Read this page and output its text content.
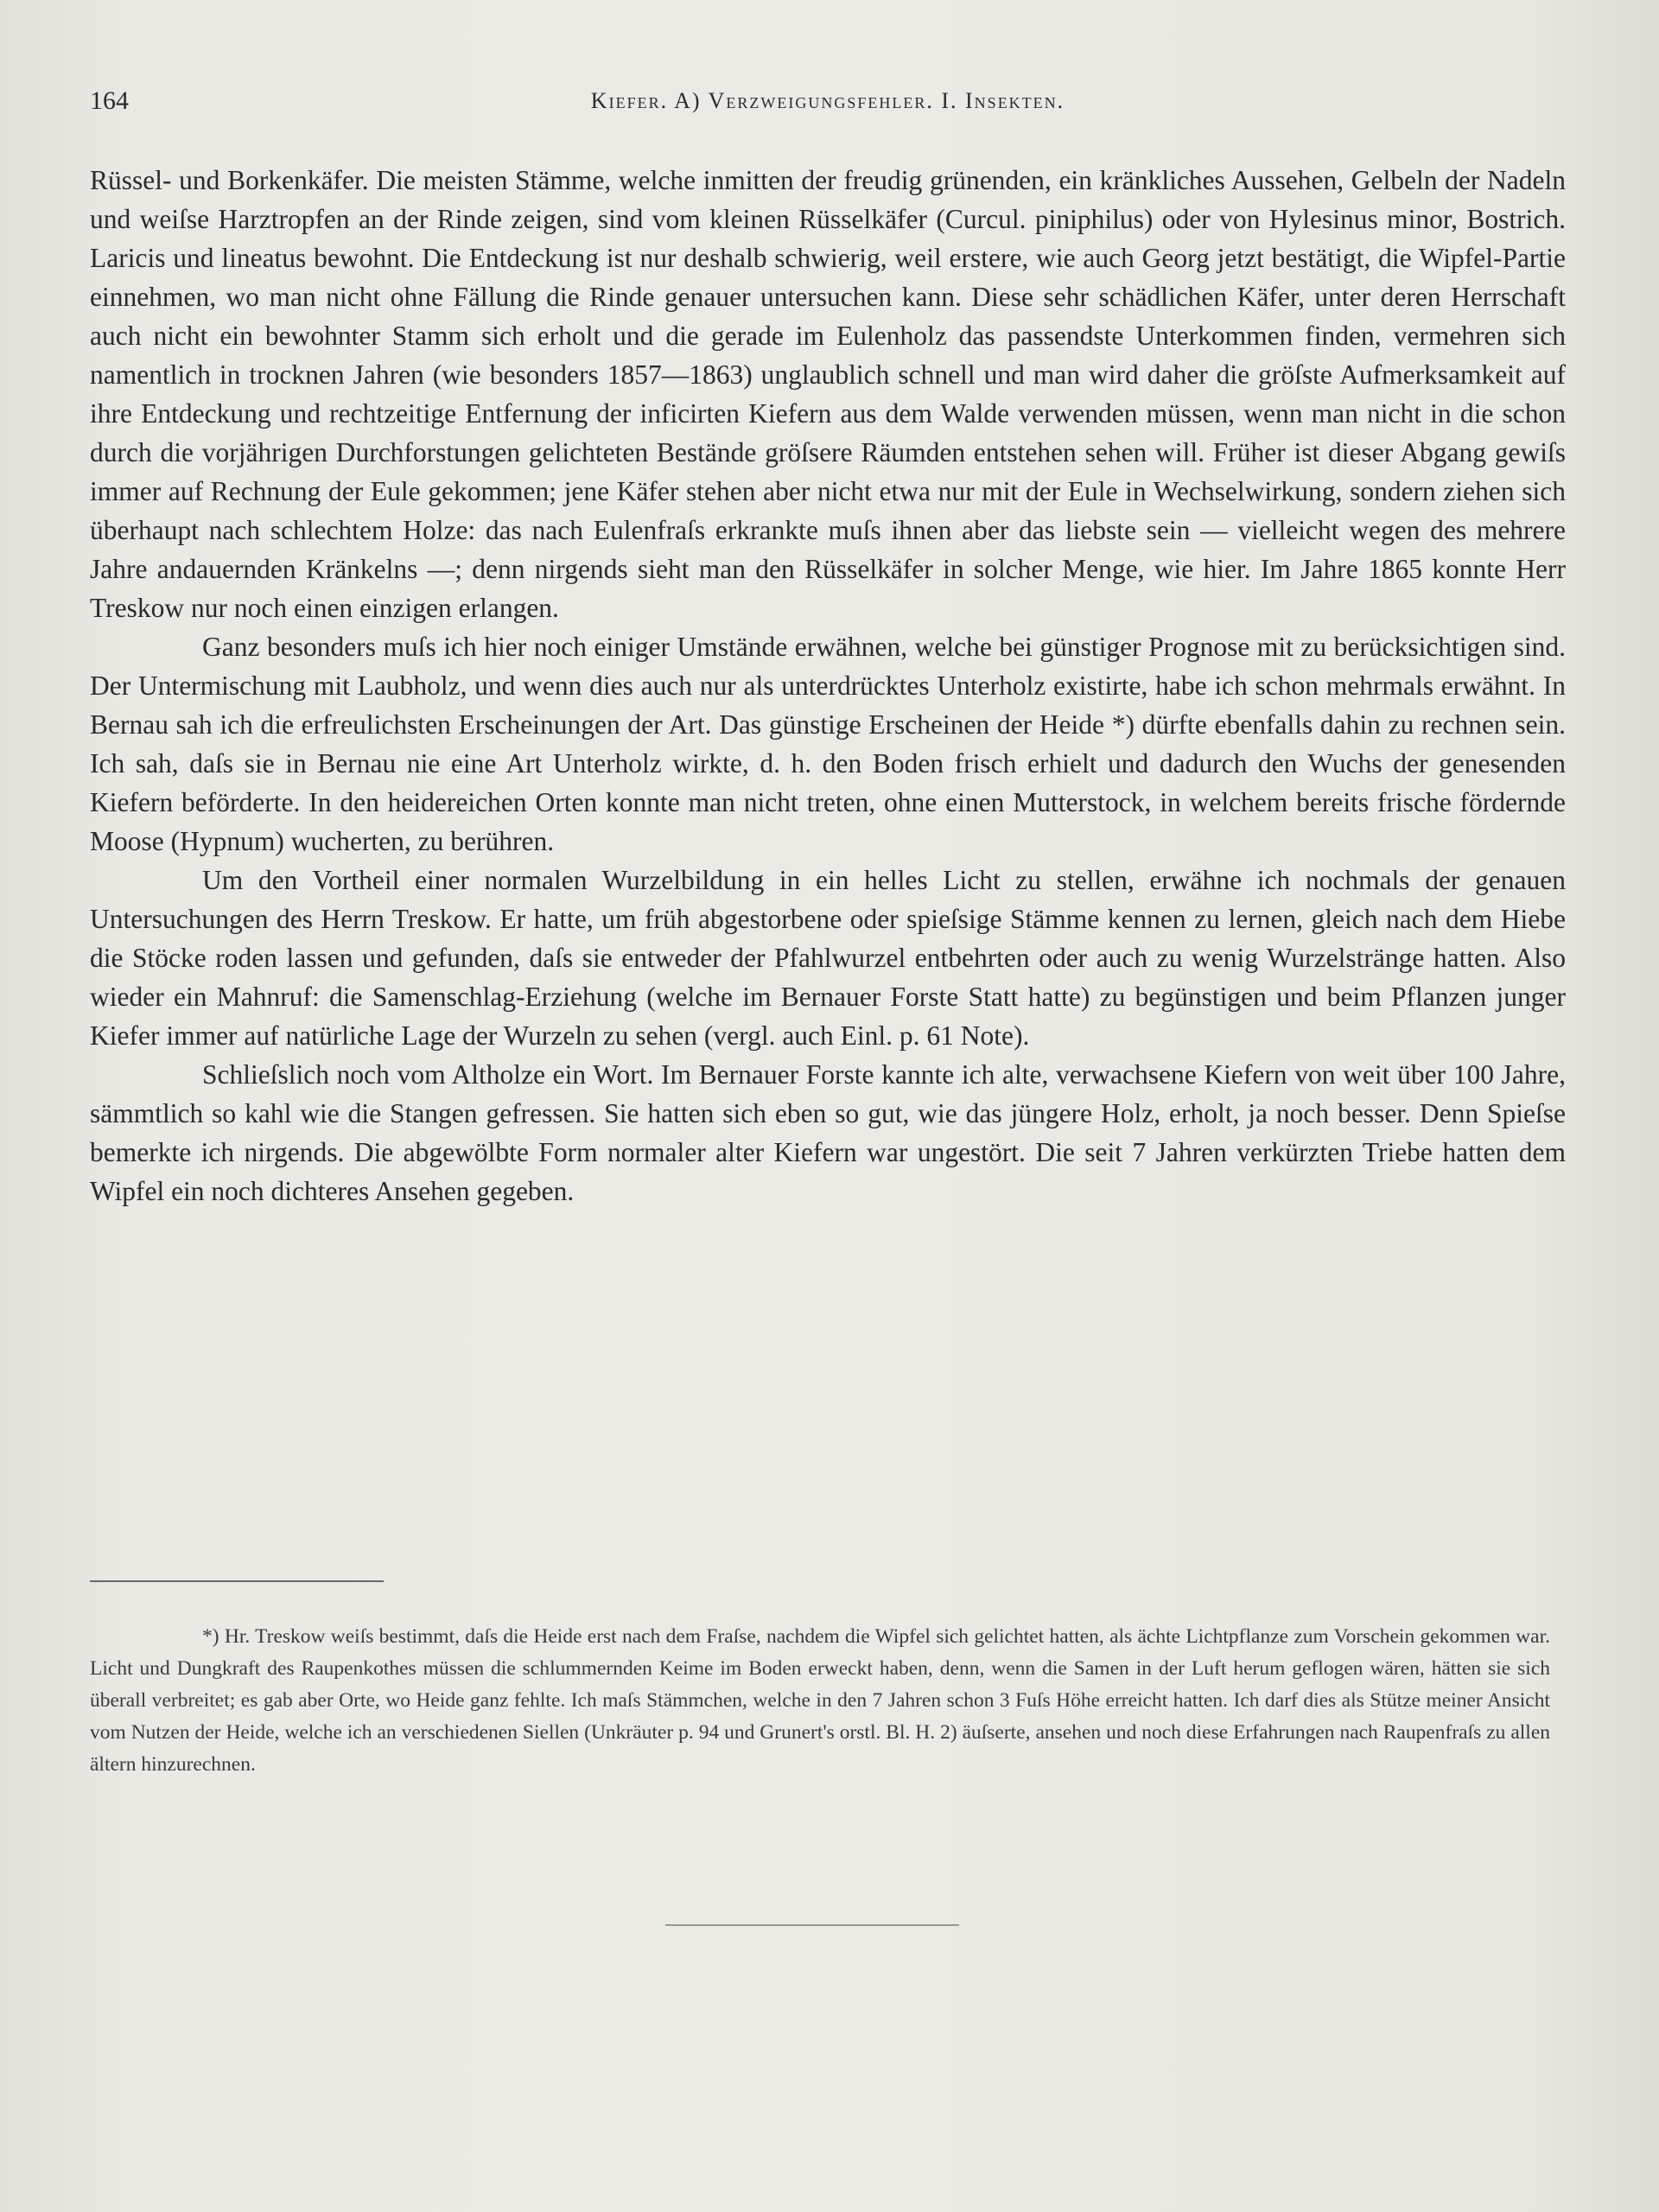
164	Kiefer. A) Verzweigungsfehler. I. Insekten.

Rüssel- und Borkenkäfer. Die meisten Stämme, welche inmitten der freudig grünenden, ein kränkliches Aussehen, Gelbeln der Nadeln und weiſse Harztropfen an der Rinde zeigen, sind vom kleinen Rüsselkäfer (Curcul. piniphilus) oder von Hylesinus minor, Bostrich. Laricis und lineatus bewohnt. Die Entdeckung ist nur deshalb schwierig, weil erstere, wie auch Georg jetzt bestätigt, die Wipfel-Partie einnehmen, wo man nicht ohne Fällung die Rinde genauer untersuchen kann. Diese sehr schädlichen Käfer, unter deren Herrschaft auch nicht ein bewohnter Stamm sich erholt und die gerade im Eulenholz das passendste Unterkommen finden, vermehren sich namentlich in trocknen Jahren (wie besonders 1857—1863) unglaublich schnell und man wird daher die gröſste Aufmerksamkeit auf ihre Entdeckung und rechtzeitige Entfernung der inficirten Kiefern aus dem Walde verwenden müssen, wenn man nicht in die schon durch die vorjährigen Durchforstungen gelichteten Bestände gröſsere Räumden entstehen sehen will. Früher ist dieser Abgang gewiſs immer auf Rechnung der Eule gekommen; jene Käfer stehen aber nicht etwa nur mit der Eule in Wechselwirkung, sondern ziehen sich überhaupt nach schlechtem Holze: das nach Eulenfraſs erkrankte muſs ihnen aber das liebste sein — vielleicht wegen des mehrere Jahre andauernden Kränkelns —; denn nirgends sieht man den Rüsselkäfer in solcher Menge, wie hier. Im Jahre 1865 konnte Herr Treskow nur noch einen einzigen erlangen.

Ganz besonders muſs ich hier noch einiger Umstände erwähnen, welche bei günstiger Prognose mit zu berücksichtigen sind. Der Untermischung mit Laubholz, und wenn dies auch nur als unterdrücktes Unterholz existirte, habe ich schon mehrmals erwähnt. In Bernau sah ich die erfreulichsten Erscheinungen der Art. Das günstige Erscheinen der Heide *) dürfte ebenfalls dahin zu rechnen sein. Ich sah, daſs sie in Bernau nie eine Art Unterholz wirkte, d. h. den Boden frisch erhielt und dadurch den Wuchs der genesenden Kiefern beförderte. In den heidereichen Orten konnte man nicht treten, ohne einen Mutterstock, in welchem bereits frische fördernde Moose (Hypnum) wucherten, zu berühren.

Um den Vortheil einer normalen Wurzelbildung in ein helles Licht zu stellen, erwähne ich nochmals der genauen Untersuchungen des Herrn Treskow. Er hatte, um früh abgestorbene oder spieſsige Stämme kennen zu lernen, gleich nach dem Hiebe die Stöcke roden lassen und gefunden, daſs sie entweder der Pfahlwurzel entbehrten oder auch zu wenig Wurzelstränge hatten. Also wieder ein Mahnruf: die Samenschlag-Erziehung (welche im Bernauer Forste Statt hatte) zu begünstigen und beim Pflanzen junger Kiefer immer auf natürliche Lage der Wurzeln zu sehen (vergl. auch Einl. p. 61 Note).

Schlieſslich noch vom Altholze ein Wort. Im Bernauer Forste kannte ich alte, verwachsene Kiefern von weit über 100 Jahre, sämmtlich so kahl wie die Stangen gefressen. Sie hatten sich eben so gut, wie das jüngere Holz, erholt, ja noch besser. Denn Spieſse bemerkte ich nirgends. Die abgewölbte Form normaler alter Kiefern war ungestört. Die seit 7 Jahren verkürzten Triebe hatten dem Wipfel ein noch dichteres Ansehen gegeben.

*) Hr. Treskow weiſs bestimmt, daſs die Heide erst nach dem Fraſse, nachdem die Wipfel sich gelichtet hatten, als ächte Lichtpflanze zum Vorschein gekommen war. Licht und Dungkraft des Raupenkothes müssen die schlummernden Keime im Boden erweckt haben, denn, wenn die Samen in der Luft herum geflogen wären, hätten sie sich überall verbreitet; es gab aber Orte, wo Heide ganz fehlte. Ich maſs Stämmchen, welche in den 7 Jahren schon 3 Fuſs Höhe erreicht hatten. Ich darf dies als Stütze meiner Ansicht vom Nutzen der Heide, welche ich an verschiedenen Siellen (Unkräuter p. 94 und Grunert's orstl. Bl. H. 2) äuſserte, ansehen und noch diese Erfahrungen nach Raupenfraſs zu allen ältern hinzurechnen.
